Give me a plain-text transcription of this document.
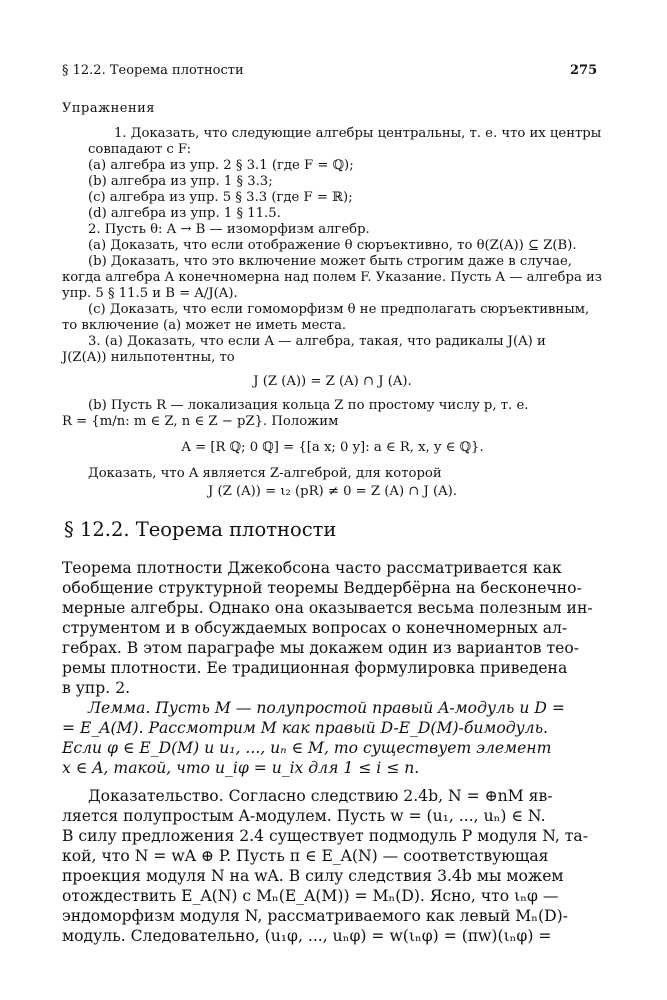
§ 12.2. Теорема плотности	275
Упражнения
1. Доказать, что следующие алгебры центральны, т. е. что их центры
совпадают с F:
(a) алгебра из упр. 2 § 3.1 (где F = ℚ);
(b) алгебра из упр. 1 § 3.3;
(c) алгебра из упр. 5 § 3.3 (где F = ℝ);
(d) алгебра из упр. 1 § 11.5.
2. Пусть θ: A → B — изоморфизм алгебр.
(a) Доказать, что если отображение θ сюръективно, то θ(Z(A)) ⊆ Z(B).
(b) Доказать, что это включение может быть строгим даже в случае,
когда алгебра A конечномерна над полем F. Указание. Пусть A — алгебра из
упр. 5 § 11.5 и B = A/J(A).
(c) Доказать, что если гомоморфизм θ не предполагать сюръективным,
то включение (a) может не иметь места.
3. (a) Доказать, что если A — алгебра, такая, что радикалы J(A) и
J(Z(A)) нильпотентны, то
J (Z (A)) = Z (A) ∩ J (A).
(b) Пусть R — локализация кольца Z по простому числу p, т. е.
R = {m/n: m ∈ Z, n ∈ Z − pZ}. Положим
A = [R ℚ; 0 ℚ] = {[a x; 0 y]: a ∈ R, x, y ∈ ℚ}.
Доказать, что A является Z-алгеброй, для которой
J (Z (A)) = ι₂ (pR) ≠ 0 = Z (A) ∩ J (A).
§ 12.2. Теорема плотности
Теорема плотности Джекобсона часто рассматривается как
обобщение структурной теоремы Веддербёрна на бесконечно-
мерные алгебры. Однако она оказывается весьма полезным ин-
струментом и в обсуждаемых вопросах о конечномерных ал-
гебрах. В этом параграфе мы докажем один из вариантов тео-
ремы плотности. Ее традиционная формулировка приведена
в упр. 2.
Лемма. Пусть M — полупростой правый A-модуль и D =
= E_A(M). Рассмотрим M как правый D-E_D(M)-бимодуль.
Если φ ∈ E_D(M) и u₁, ..., uₙ ∈ M, то существует элемент
x ∈ A, такой, что u_iφ = u_ix для 1 ≤ i ≤ n.
Доказательство. Согласно следствию 2.4b, N = ⊕nM яв-
ляется полупростым A-модулем. Пусть w = (u₁, ..., uₙ) ∈ N.
В силу предложения 2.4 существует подмодуль P модуля N, та-
кой, что N = wA ⊕ P. Пусть π ∈ E_A(N) — соответствующая
проекция модуля N на wA. В силу следствия 3.4b мы можем
отождествить E_A(N) с Mₙ(E_A(M)) = Mₙ(D). Ясно, что ιₙφ —
эндоморфизм модуля N, рассматриваемого как левый Mₙ(D)-
модуль. Следовательно, (u₁φ, ..., uₙφ) = w(ιₙφ) = (πw)(ιₙφ) =
